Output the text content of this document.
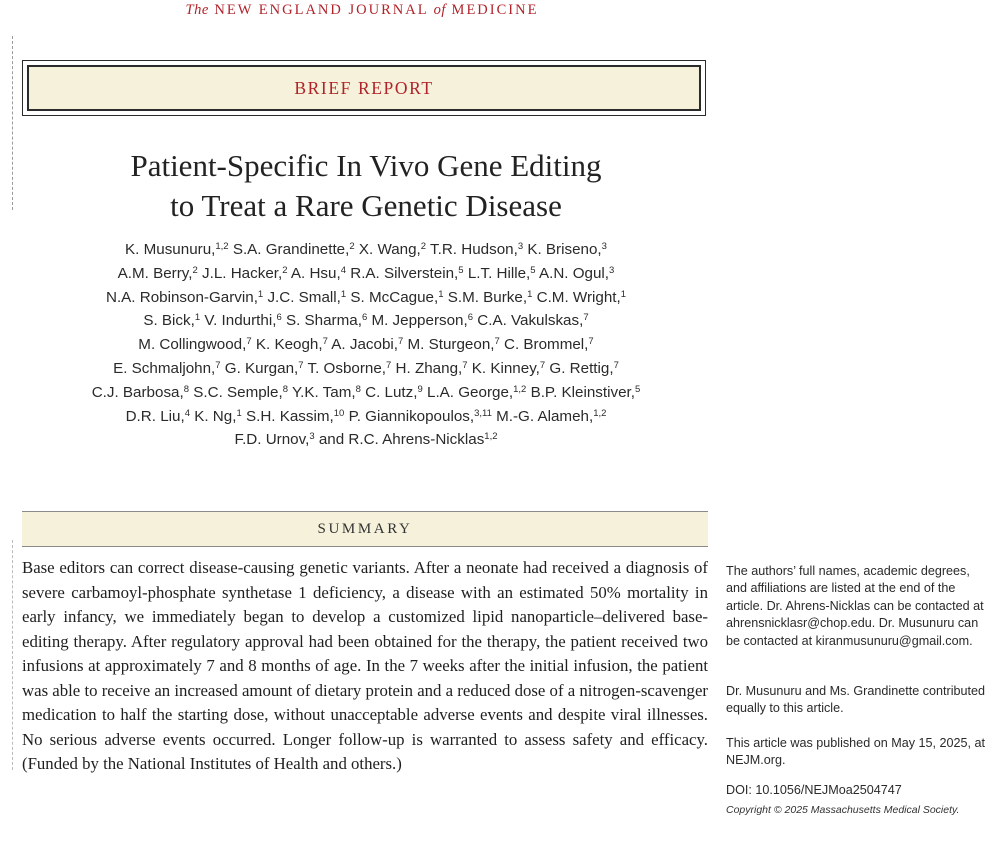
The NEW ENGLAND JOURNAL of MEDICINE
BRIEF REPORT
Patient-Specific In Vivo Gene Editing
to Treat a Rare Genetic Disease
K. Musunuru,$^{1,2}$ S.A. Grandinette,$^2$ X. Wang,$^2$ T.R. Hudson,$^3$ K. Briseno,$^3$
A.M. Berry,$^2$ J.L. Hacker,$^2$ A. Hsu,$^4$ R.A. Silverstein,$^5$ L.T. Hille,$^5$ A.N. Ogul,$^3$
N.A. Robinson-Garvin,$^1$ J.C. Small,$^1$ S. McCague,$^1$ S.M. Burke,$^1$ C.M. Wright,$^1$
S. Bick,$^1$ V. Indurthi,$^6$ S. Sharma,$^6$ M. Jepperson,$^6$ C.A. Vakulskas,$^7$
M. Collingwood,$^7$ K. Keogh,$^7$ A. Jacobi,$^7$ M. Sturgeon,$^7$ C. Brommel,$^7$
E. Schmaljohn,$^7$ G. Kurgan,$^7$ T. Osborne,$^7$ H. Zhang,$^7$ K. Kinney,$^7$ G. Rettig,$^7$
C.J. Barbosa,$^8$ S.C. Semple,$^8$ Y.K. Tam,$^8$ C. Lutz,$^9$ L.A. George,$^{1,2}$ B.P. Kleinstiver,$^5$
D.R. Liu,$^4$ K. Ng,$^1$ S.H. Kassim,$^{10}$ P. Giannikopoulos,$^{3,11}$ M.-G. Alameh,$^{1,2}$
F.D. Urnov,$^3$ and R.C. Ahrens-Nicklas$^{1,2}$
SUMMARY
Base editors can correct disease-causing genetic variants. After a neonate had received a diagnosis of severe carbamoyl-phosphate synthetase 1 deficiency, a disease with an estimated 50% mortality in early infancy, we immediately began to develop a customized lipid nanoparticle–delivered base-editing therapy. After regulatory approval had been obtained for the therapy, the patient received two infusions at approximately 7 and 8 months of age. In the 7 weeks after the initial infusion, the patient was able to receive an increased amount of dietary protein and a reduced dose of a nitrogen-scavenger medication to half the starting dose, without unacceptable adverse events and despite viral illnesses. No serious adverse events occurred. Longer follow-up is warranted to assess safety and efficacy. (Funded by the National Institutes of Health and others.)

The authors’ full names, academic degrees, and affiliations are listed at the end of the article. Dr. Ahrens-Nicklas can be contacted at ahrensnicklasr@chop.edu. Dr. Musunuru can be contacted at kiranmusunuru@gmail.com.

Dr. Musunuru and Ms. Grandinette contributed equally to this article.

This article was published on May 15, 2025, at NEJM.org.

DOI: 10.1056/NEJMoa2504747

Copyright © 2025 Massachusetts Medical Society.
